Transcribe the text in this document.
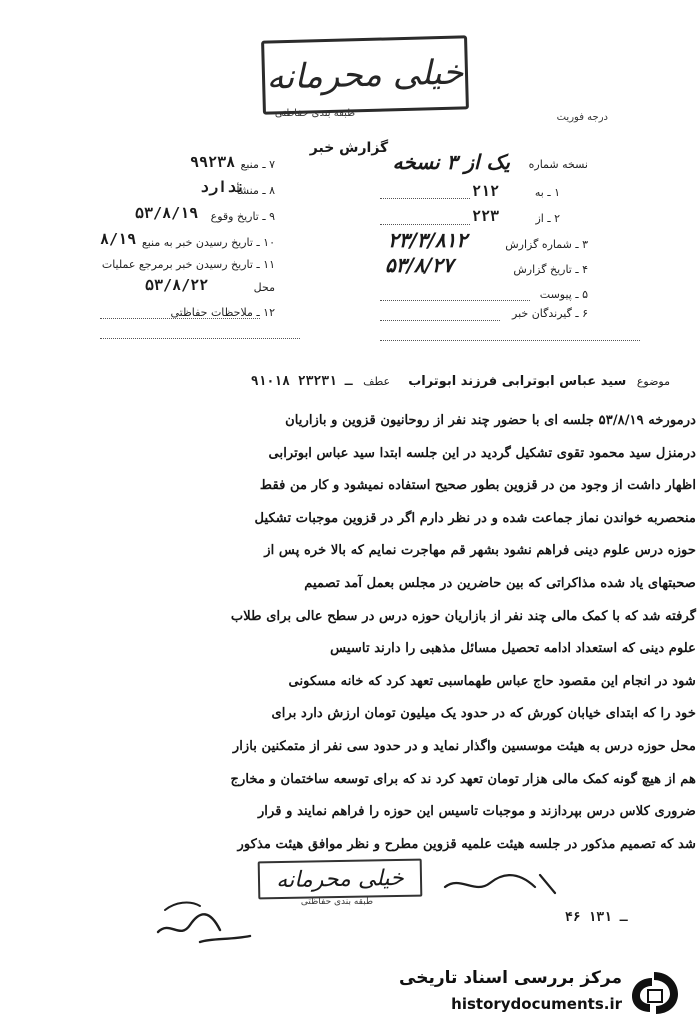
خیلی محرمانه
طبقه بندی حفاظتی	درجه فوریت
گزارش خبر
نسخه شماره
یک از ۳ نسخه
۱ ـ به
۲۱۲
۲ ـ از
۲۲۳
۳ ـ شماره گزارش
۲۳/۳/۸۱۲
۴ ـ تاریخ گزارش
۵۳/۸/۲۷
۵ ـ پیوست
۶ ـ گیرندگان خبر
۷ ـ منبع
۹۹۲۳۸
۸ ـ منشأ
ندارد
۹ ـ تاریخ وقوع
۵۳/۸/۱۹
۱۰ ـ تاریخ رسیدن خبر به منبع
۸/۱۹
۱۱ ـ تاریخ رسیدن خبر برمرجع عملیات
محل
۵۳/۸/۲۲
۱۲ ـ ملاحظات حفاظتی
موضوع سید عباس ابوترابی فرزند ابوتراب    عطف ۹۱۰۱۸ ـ ۲۳۲۳۱

درمورخه ۵۳/۸/۱۹ جلسه ای با حضور چند نفر از روحانیون قزوین و بازاریان

درمنزل سید محمود تقوی تشکیل گردید در این جلسه ابتدا سید عباس ابوترابی

اظهار داشت از وجود من در قزوین بطور صحیح استفاده نمیشود و کار من فقط

منحصربه خواندن نماز جماعت شده و در نظر دارم اگر در قزوین موجبات تشکیل

حوزه درس علوم دینی فراهم نشود بشهر قم مهاجرت نمایم که بالا خره پس از

صحبتهای یاد شده مذاکراتی که بین حاضرین در مجلس بعمل آمد تصمیم

گرفته شد که با کمک مالی چند نفر از بازاریان حوزه درس در سطح عالی برای طلاب

علوم دینی که استعداد ادامه تحصیل مسائل مذهبی را دارند تاسیس

شود در انجام این مقصود حاج عباس طهماسبی تعهد کرد که خانه مسکونی

خود را که ابتدای خیابان کورش که در حدود یک میلیون تومان ارزش دارد برای

محل حوزه درس به هیئت موسسین واگذار نماید و در حدود سی نفر از متمکنین بازار

هم از هیچ گونه کمک مالی هزار تومان تعهد کرد ند که برای توسعه ساختمان و مخارج

ضروری کلاس درس بپردازند و موجبات تاسیس این حوزه را فراهم نمایند و قرار

شد که تصمیم مذکور در جلسه هیئت علمیه قزوین مطرح و نظر موافق هیئت مذکور

خیلی محرمانه
طبقه بندی حفاظتی
۴۶ ـ ۱۳۱
مرکز بررسی اسناد تاریخی
historydocuments.ir
